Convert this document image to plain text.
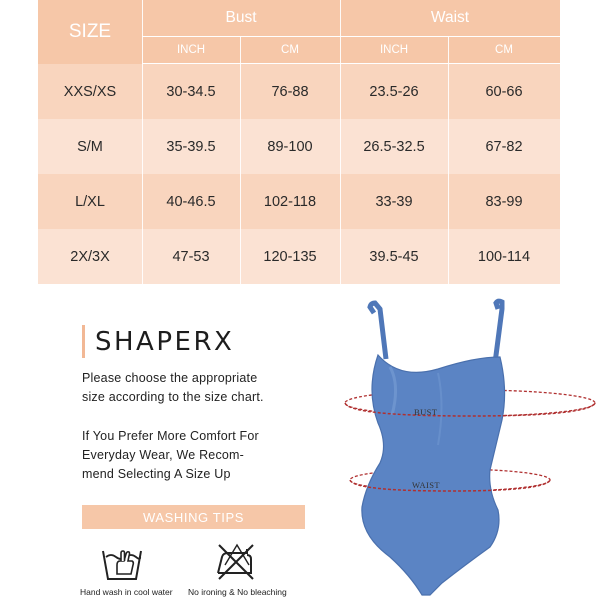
SIZE
Bust	Waist
INCH	CM	INCH	CM
XXS/XS	30-34.5	76-88	23.5-26	60-66
S/M	35-39.5	89-100	26.5-32.5	67-82
L/XL	40-46.5	102-118	33-39	83-99
2X/3X	47-53	120-135	39.5-45	100-114
SHAPERX
Please choose the appropriate
size according to the size chart.
If You Prefer More Comfort For
Everyday Wear, We Recom-
mend Selecting A Size Up
WASHING TIPS
Hand wash in cool water No ironing & No bleaching
BUST
WAIST
